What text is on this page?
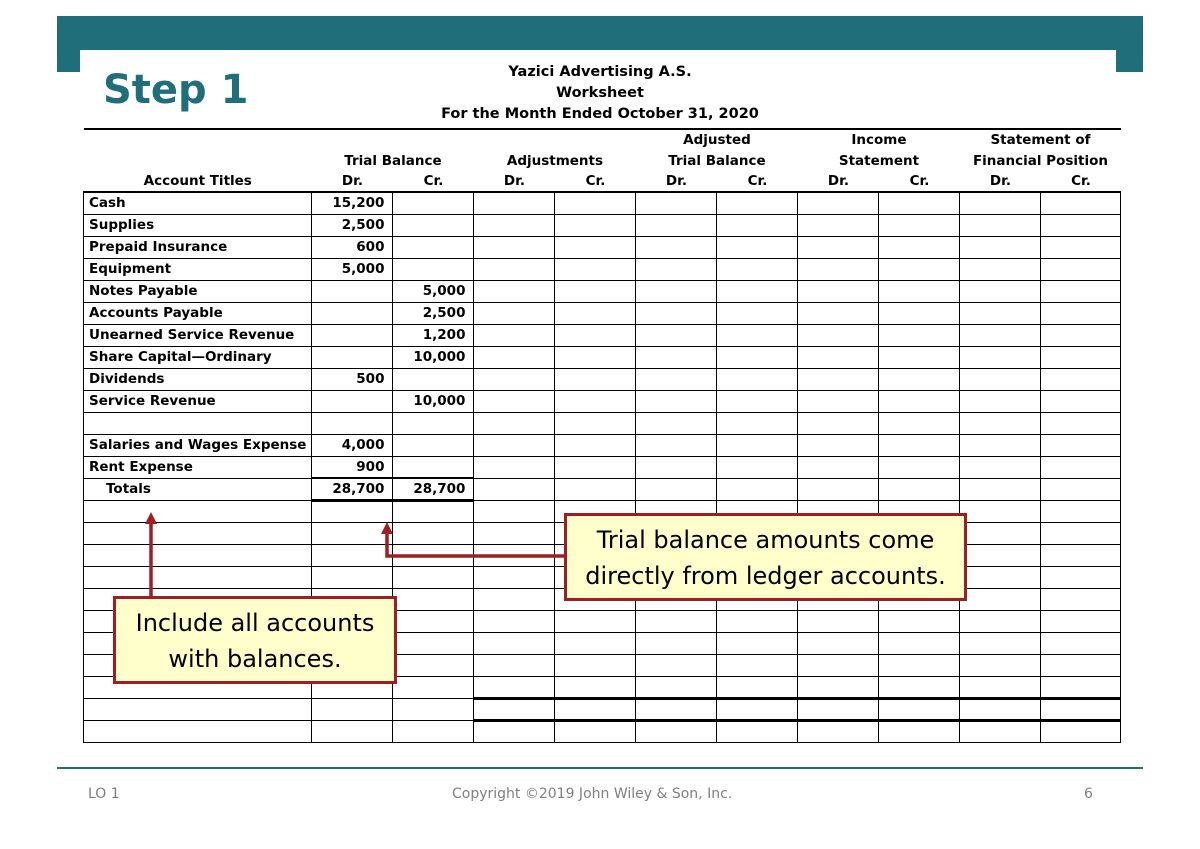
Step 1	Yazici Advertising A.S.
Worksheet
For the Month Ended October 31, 2020
					Adjusted		Income		Statement of	
	Trial Balance		Adjustments		Trial Balance		Statement		Financial Position	
Account Titles	Dr.	Cr.	Dr.	Cr.	Dr.	Cr.	Dr.	Cr.	Dr.	Cr.
Cash	15,200									
Supplies	2,500									
Prepaid Insurance	600									
Equipment	5,000									
Notes Payable		5,000								
Accounts Payable		2,500								
Unearned Service Revenue		1,200								
Share Capital—Ordinary		10,000								
Dividends	500									
Service Revenue		10,000								

Salaries and Wages Expense	4,000									
Rent Expense	900									
Totals	28,700	28,700								

Trial balance amounts come directly from ledger accounts.
Include all accounts with balances.
LO 1	Copyright ©2019 John Wiley & Son, Inc.	6
